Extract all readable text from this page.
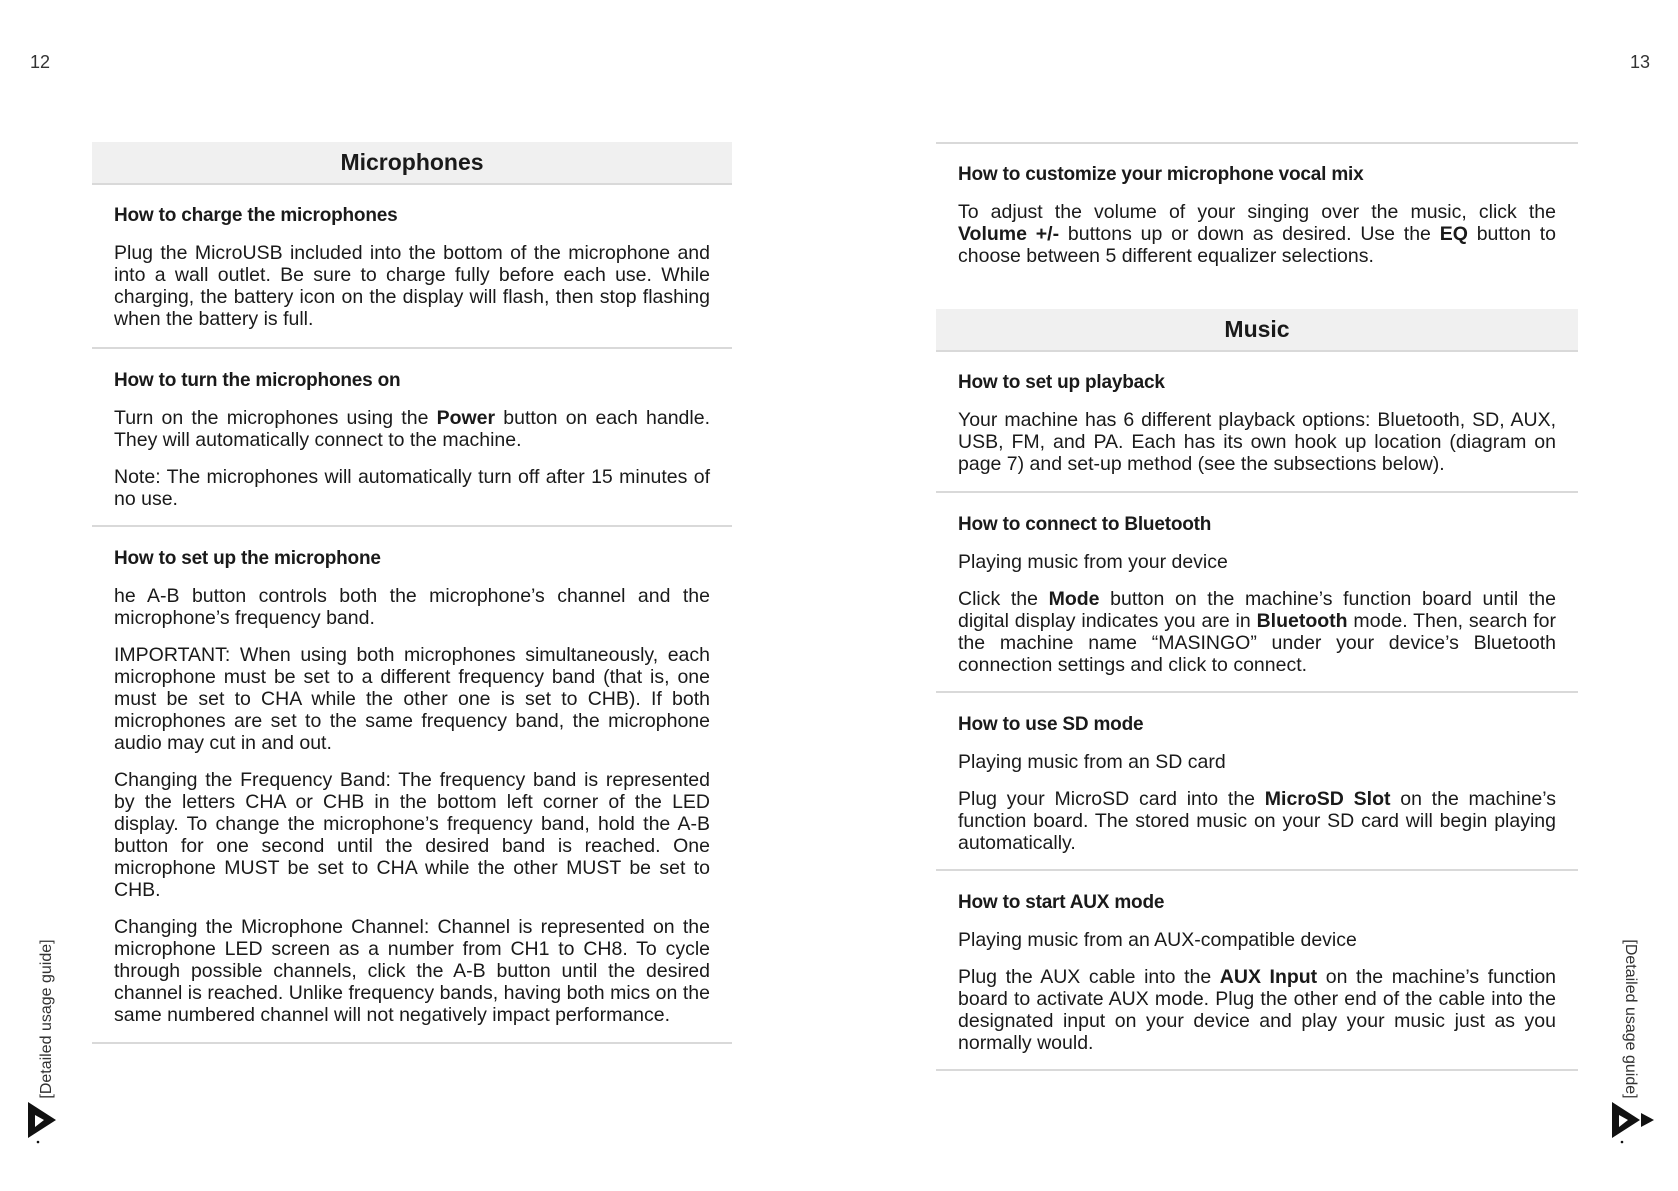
12	13
[Detailed usage guide]	[Detailed usage guide]
Microphones
How to charge the microphones

Plug the MicroUSB included into the bottom of the microphone and into a wall outlet. Be sure to charge fully before each use. While charging, the battery icon on the display will flash, then stop flashing when the battery is full.

How to turn the microphones on

Turn on the microphones using the Power button on each handle. They will automatically connect to the machine.

Note: The microphones will automatically turn off after 15 minutes of no use.

How to set up the microphone

he A-B button controls both the microphone’s channel and the microphone’s frequency band.

IMPORTANT: When using both microphones simultaneously, each microphone must be set to a different frequency band (that is, one must be set to CHA while the other one is set to CHB). If both microphones are set to the same frequency band, the microphone audio may cut in and out.

Changing the Frequency Band: The frequency band is represented by the letters CHA or CHB in the bottom left corner of the LED display. To change the microphone’s frequency band, hold the A-B button for one second until the desired band is reached. One microphone MUST be set to CHA while the other MUST be set to CHB.

Changing the Microphone Channel: Channel is represented on the microphone LED screen as a number from CH1 to CH8. To cycle through possible channels, click the A-B button until the desired channel is reached. Unlike frequency bands, having both mics on the same numbered channel will not negatively impact performance.

How to customize your microphone vocal mix

To adjust the volume of your singing over the music, click the Volume +/- buttons up or down as desired. Use the EQ button to choose between 5 different equalizer selections.

Music
How to set up playback

Your machine has 6 different playback options: Bluetooth, SD, AUX, USB, FM, and PA. Each has its own hook up location (diagram on page 7) and set-up method (see the subsections below).

How to connect to Bluetooth

Playing music from your device

Click the Mode button on the machine’s function board until the digital display indicates you are in Bluetooth mode. Then, search for the machine name “MASINGO” under your device’s Bluetooth connection settings and click to connect.

How to use SD mode

Playing music from an SD card

Plug your MicroSD card into the MicroSD Slot on the machine’s function board. The stored music on your SD card will begin playing automatically.

How to start AUX mode

Playing music from an AUX-compatible device

Plug the AUX cable into the AUX Input on the machine’s function board to activate AUX mode. Plug the other end of the cable into the designated input on your device and play your music just as you normally would.
